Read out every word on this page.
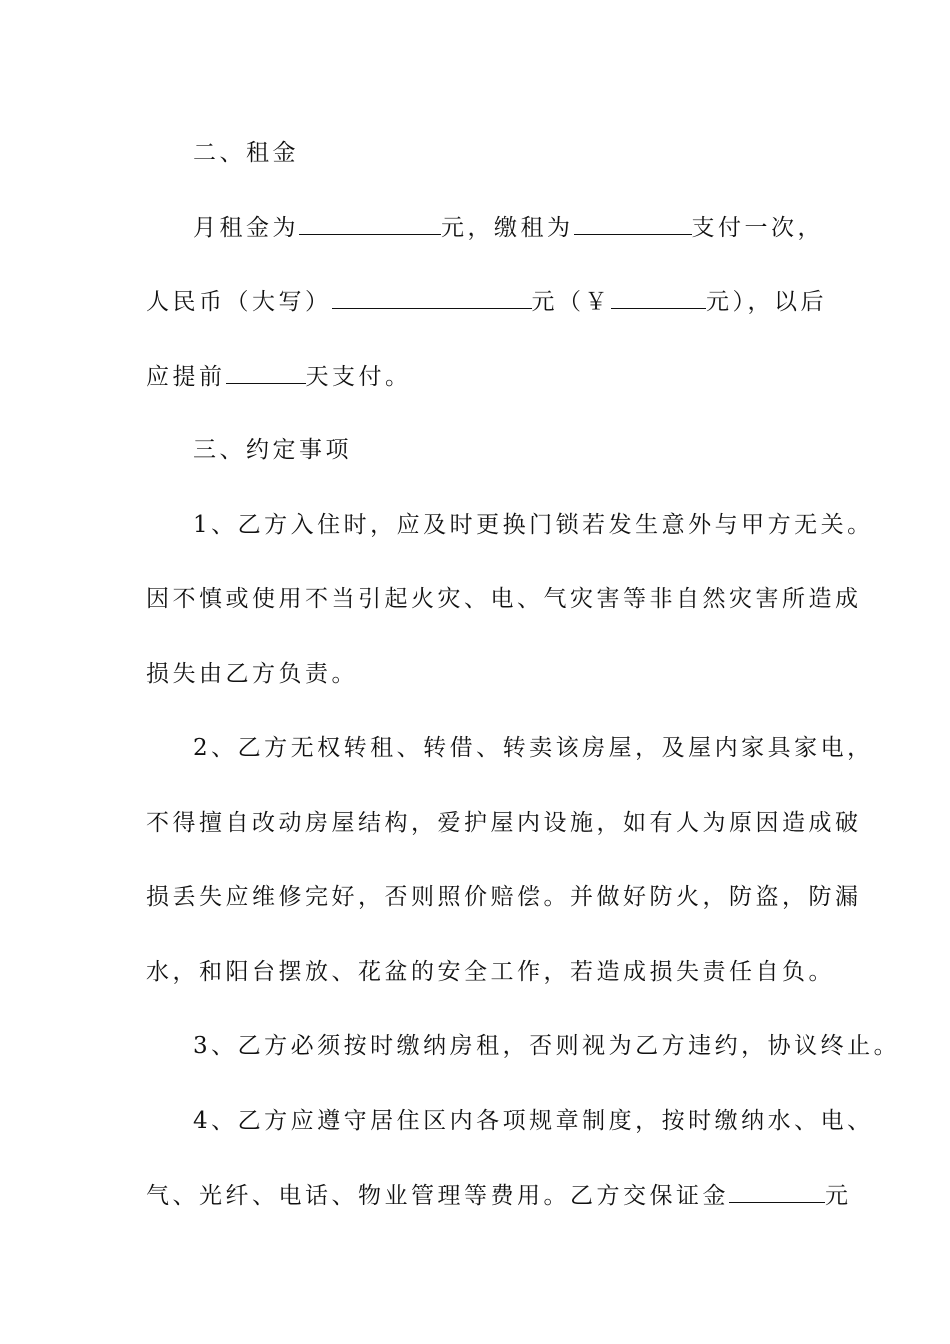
二、租金
月租金为	元，缴租为	支付一次，
人民币（大写）	元（￥	元），以后
应提前	天支付。
三、约定事项
1、乙方入住时，应及时更换门锁若发生意外与甲方无关。
因不慎或使用不当引起火灾、电、气灾害等非自然灾害所造成
损失由乙方负责。
2、乙方无权转租、转借、转卖该房屋，及屋内家具家电，
不得擅自改动房屋结构，爱护屋内设施，如有人为原因造成破
损丢失应维修完好，否则照价赔偿。并做好防火，防盗，防漏
水，和阳台摆放、花盆的安全工作，若造成损失责任自负。
3、乙方必须按时缴纳房租，否则视为乙方违约，协议终止。
4、乙方应遵守居住区内各项规章制度，按时缴纳水、电、
气、光纤、电话、物业管理等费用。乙方交保证金	元
